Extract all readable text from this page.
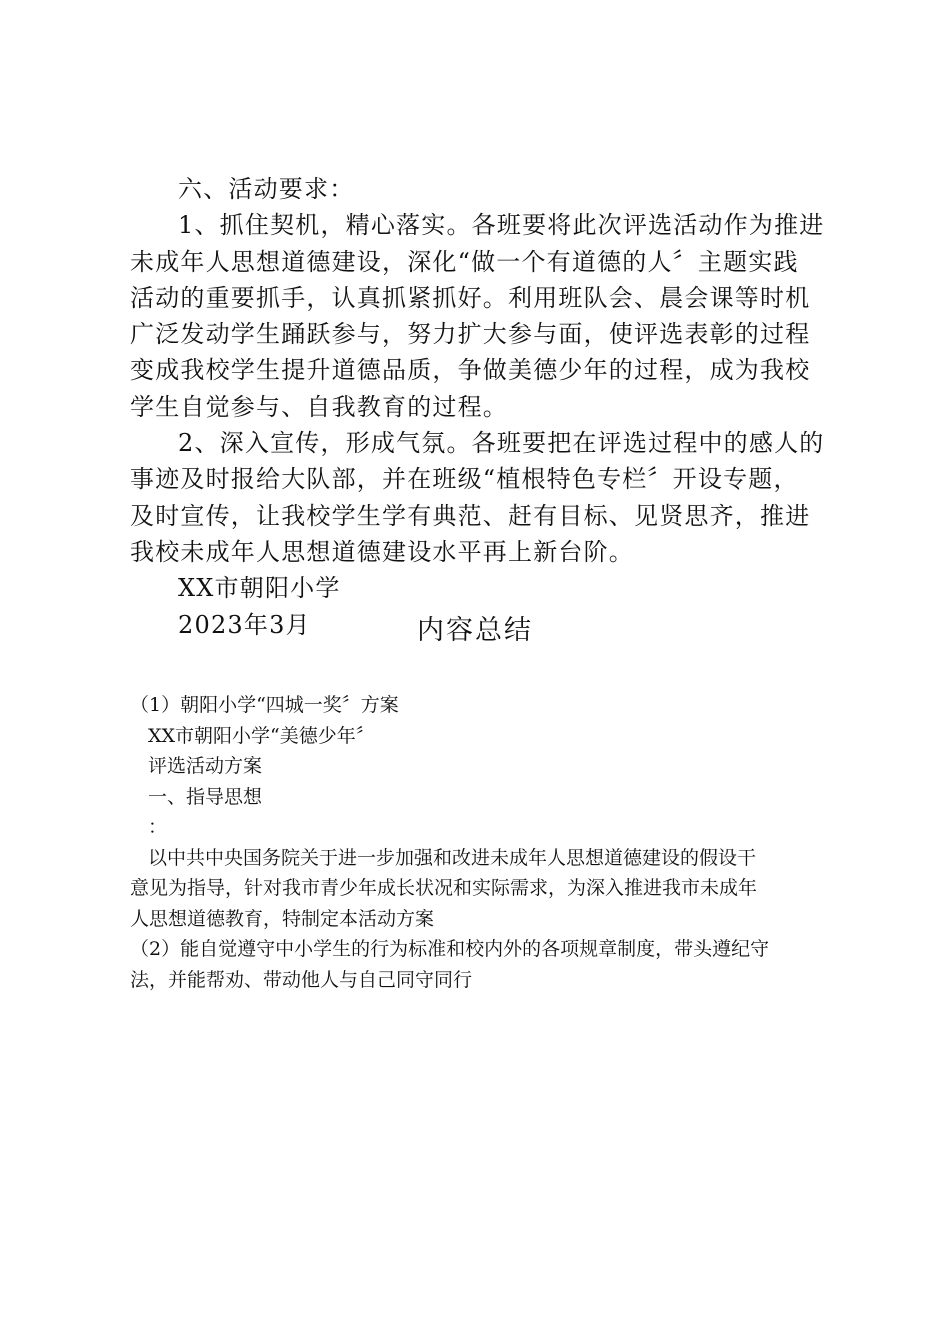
六、活动要求：
1、抓住契机，精心落实。各班要将此次评选活动作为推进
未成年人思想道德建设，深化“做一个有道德的人〞主题实践
活动的重要抓手，认真抓紧抓好。利用班队会、晨会课等时机
广泛发动学生踊跃参与，努力扩大参与面，使评选表彰的过程
变成我校学生提升道德品质，争做美德少年的过程，成为我校
学生自觉参与、自我教育的过程。
2、深入宣传，形成气氛。各班要把在评选过程中的感人的
事迹及时报给大队部，并在班级“植根特色专栏〞开设专题，
及时宣传，让我校学生学有典范、赶有目标、见贤思齐，推进
我校未成年人思想道德建设水平再上新台阶。
XX市朝阳小学
2023年3月	内容总结
（1）朝阳小学“四城一奖〞方案
XX市朝阳小学“美德少年〞
评选活动方案
一、指导思想
：
以中共中央国务院关于进一步加强和改进未成年人思想道德建设的假设干
意见为指导，针对我市青少年成长状况和实际需求，为深入推进我市未成年
人思想道德教育，特制定本活动方案
（2）能自觉遵守中小学生的行为标准和校内外的各项规章制度，带头遵纪守
法，并能帮劝、带动他人与自己同守同行
